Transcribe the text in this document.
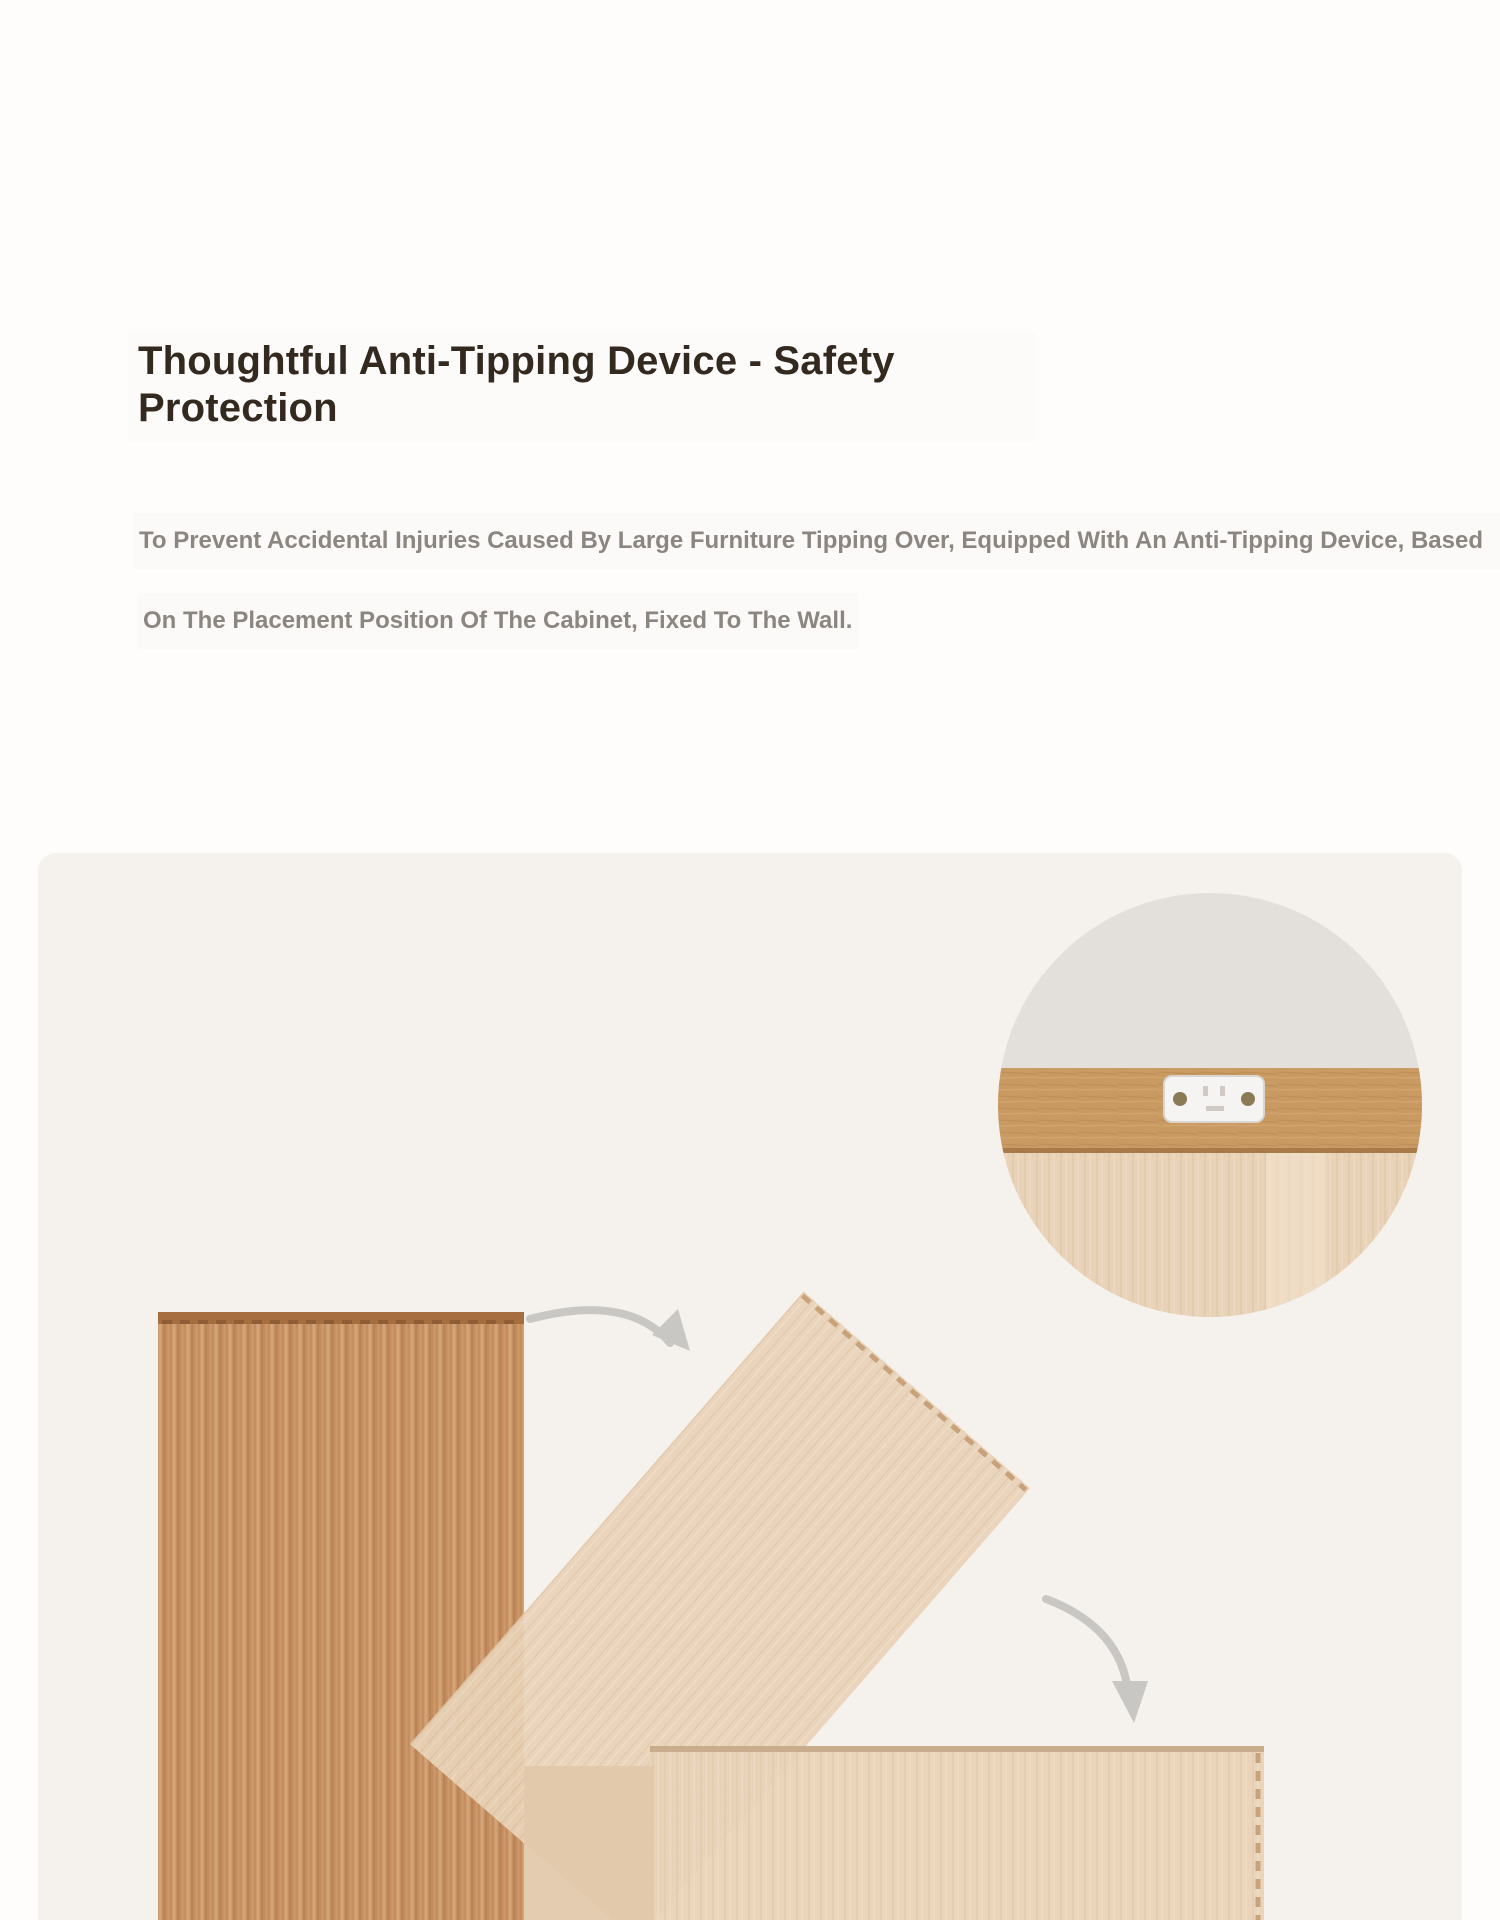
Thoughtful Anti-Tipping Device - Safety Protection
To Prevent Accidental Injuries Caused By Large Furniture Tipping Over, Equipped With An Anti-Tipping Device, Based
On The Placement Position Of The Cabinet, Fixed To The Wall.
